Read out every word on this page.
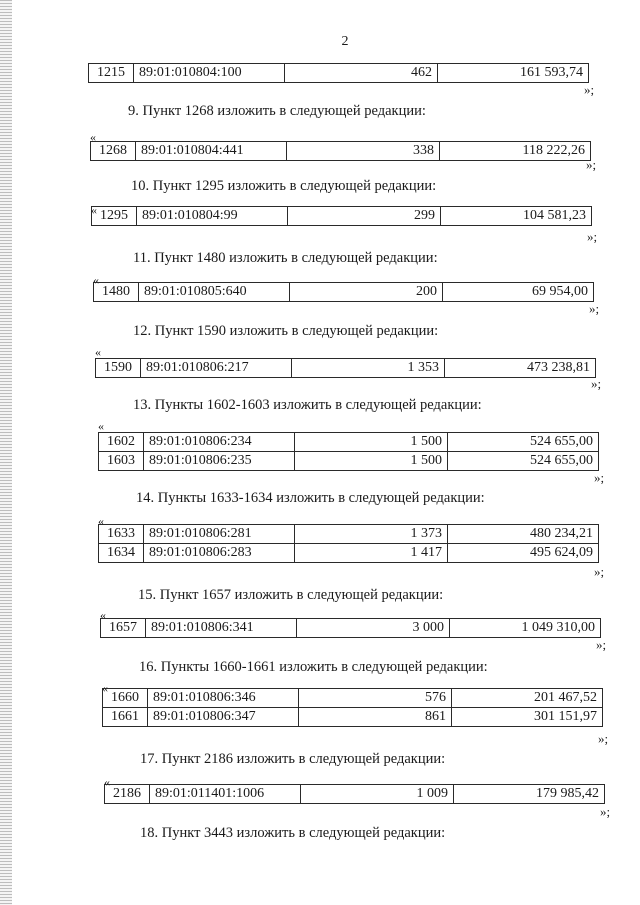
2
1215	89:01:010804:100	462	161 593,74
»;
9. Пункт 1268 изложить в следующей редакции:
«
1268	89:01:010804:441	338	118 222,26
»;
10. Пункт 1295 изложить в следующей редакции:
« 1295	89:01:010804:99	299	104 581,23
»;
11. Пункт 1480 изложить в следующей редакции:
«
1480	89:01:010805:640	200	69 954,00
»;
12. Пункт 1590 изложить в следующей редакции:
«
1590	89:01:010806:217	1 353	473 238,81
»;
13. Пункты 1602-1603 изложить в следующей редакции:
«
1602	89:01:010806:234	1 500	524 655,00
1603	89:01:010806:235	1 500	524 655,00
»;
14. Пункты 1633-1634 изложить в следующей редакции:
«
1633	89:01:010806:281	1 373	480 234,21
1634	89:01:010806:283	1 417	495 624,09
»;
15. Пункт 1657 изложить в следующей редакции:
«
1657	89:01:010806:341	3 000	1 049 310,00
»;
16. Пункты 1660-1661 изложить в следующей редакции:
«
1660	89:01:010806:346	576	201 467,52
1661	89:01:010806:347	861	301 151,97
»;
17. Пункт 2186 изложить в следующей редакции:
«
2186	89:01:011401:1006	1 009	179 985,42
»;
18. Пункт 3443 изложить в следующей редакции:
